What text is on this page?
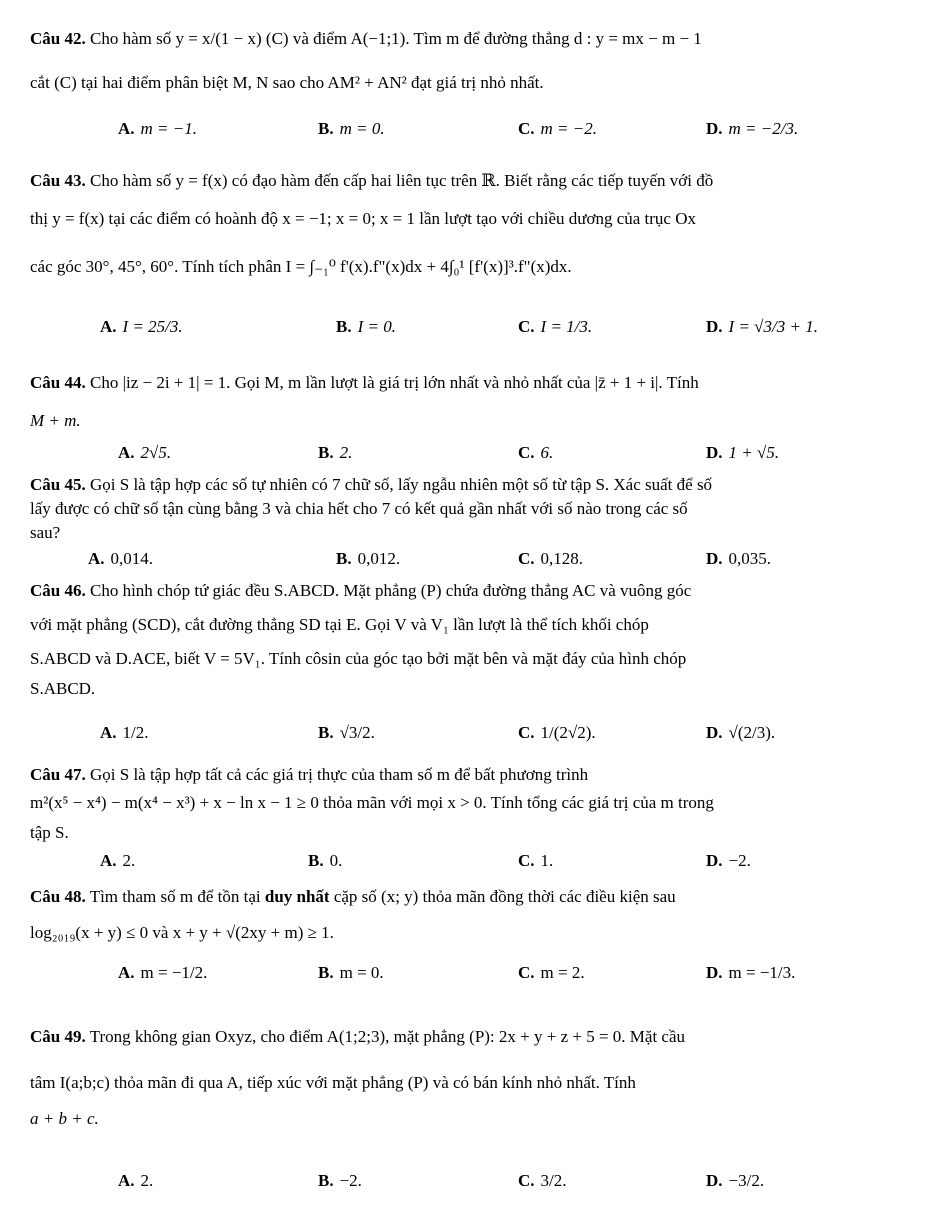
Câu 42. Cho hàm số y = x/(1 − x) (C) và điểm A(−1;1). Tìm m để đường thẳng d : y = mx − m − 1
cắt (C) tại hai điểm phân biệt M, N sao cho AM² + AN² đạt giá trị nhỏ nhất.
A. m = −1.	B. m = 0.	C. m = −2.	D. m = −2/3.
Câu 43. Cho hàm số y = f(x) có đạo hàm đến cấp hai liên tục trên ℝ. Biết rằng các tiếp tuyến với đồ
thị y = f(x) tại các điểm có hoành độ x = −1; x = 0; x = 1 lần lượt tạo với chiều dương của trục Ox
các góc 30°, 45°, 60°. Tính tích phân I = ∫₋₁⁰ f'(x).f"(x)dx + 4∫₀¹ [f'(x)]³.f"(x)dx.
A. I = 25/3.	B. I = 0.	C. I = 1/3.	D. I = √3/3 + 1.
Câu 44. Cho |iz − 2i + 1| = 1. Gọi M, m lần lượt là giá trị lớn nhất và nhỏ nhất của |z̄ + 1 + i|. Tính
M + m.
A. 2√5.	B. 2.	C. 6.	D. 1 + √5.
Câu 45. Gọi S là tập hợp các số tự nhiên có 7 chữ số, lấy ngẫu nhiên một số từ tập S. Xác suất để số
lấy được có chữ số tận cùng bằng 3 và chia hết cho 7 có kết quả gần nhất với số nào trong các số
sau?
A. 0,014.	B. 0,012.	C. 0,128.	D. 0,035.
Câu 46. Cho hình chóp tứ giác đều S.ABCD. Mặt phẳng (P) chứa đường thẳng AC và vuông góc
với mặt phẳng (SCD), cắt đường thẳng SD tại E. Gọi V và V₁ lần lượt là thể tích khối chóp
S.ABCD và D.ACE, biết V = 5V₁. Tính côsin của góc tạo bởi mặt bên và mặt đáy của hình chóp
S.ABCD.
A. 1/2.	B. √3/2.	C. 1/(2√2).	D. √(2/3).
Câu 47. Gọi S là tập hợp tất cả các giá trị thực của tham số m để bất phương trình
m²(x⁵ − x⁴) − m(x⁴ − x³) + x − ln x − 1 ≥ 0 thỏa mãn với mọi x > 0. Tính tổng các giá trị của m trong
tập S.
A. 2.	B. 0.	C. 1.	D. −2.
Câu 48. Tìm tham số m để tồn tại duy nhất cặp số (x; y) thỏa mãn đồng thời các điều kiện sau
log₂₀₁₉(x + y) ≤ 0 và x + y + √(2xy + m) ≥ 1.
A. m = −1/2.	B. m = 0.	C. m = 2.	D. m = −1/3.
Câu 49. Trong không gian Oxyz, cho điểm A(1;2;3), mặt phẳng (P): 2x + y + z + 5 = 0. Mặt cầu
tâm I(a;b;c) thỏa mãn đi qua A, tiếp xúc với mặt phẳng (P) và có bán kính nhỏ nhất. Tính
a + b + c.
A. 2.	B. −2.	C. 3/2.	D. −3/2.
